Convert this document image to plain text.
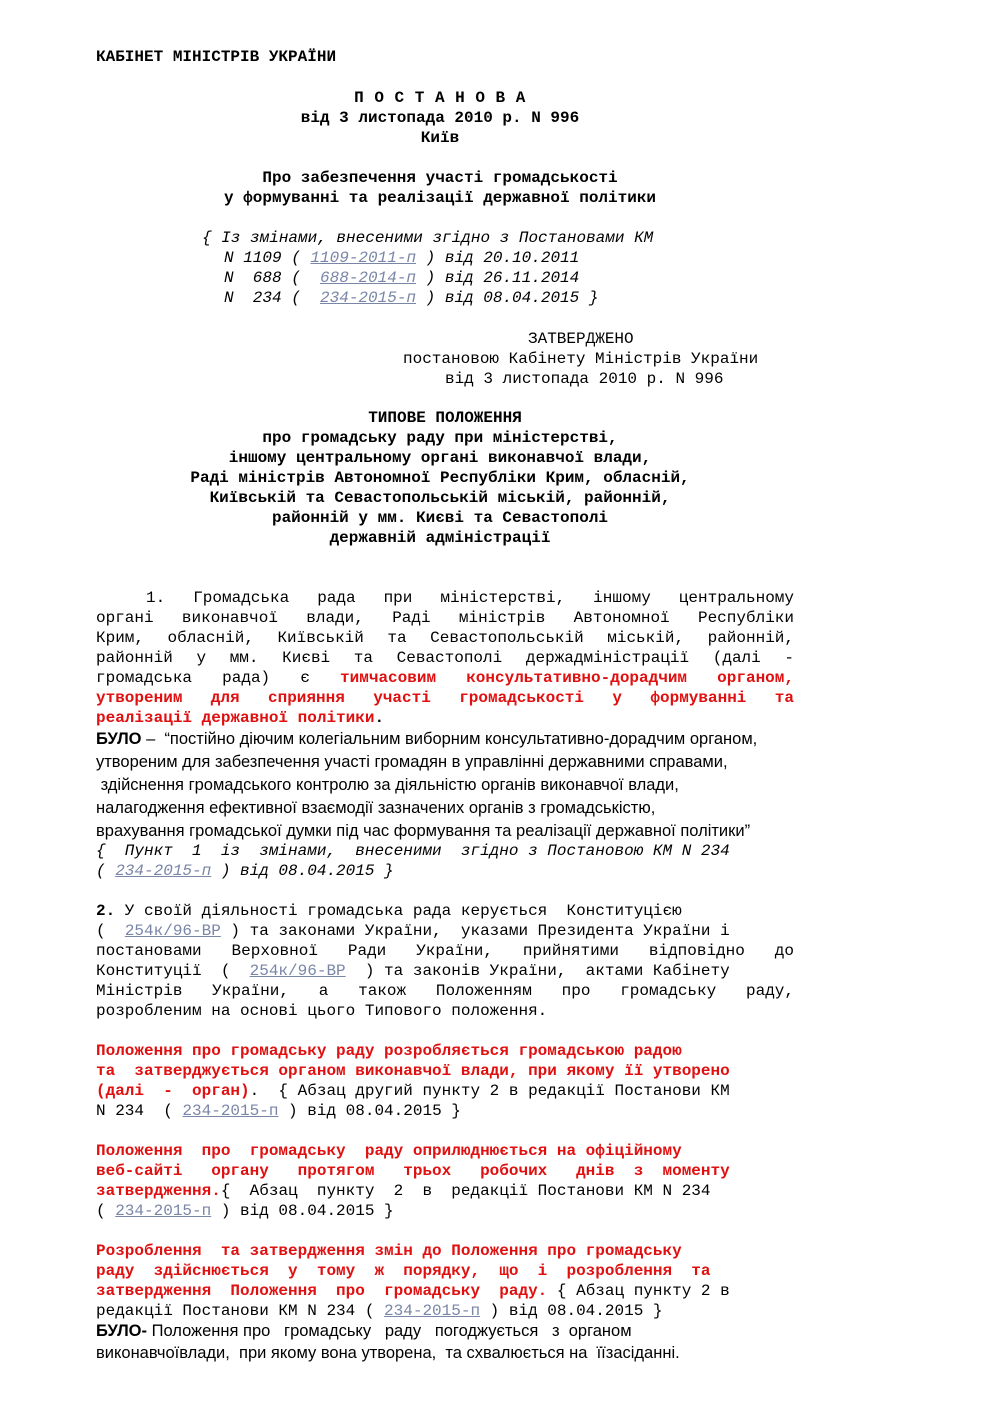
КАБІНЕТ МІНІСТРІВ УКРАЇНИ
П О С Т А Н О В А
від 3 листопада 2010 р. N 996
Київ
Про забезпечення участі громадськості
у формуванні та реалізації державної політики
{ Із змінами, внесеними згідно з Постановами КМ
N 1109 ( 1109-2011-п ) від 20.10.2011
N  688 (  688-2014-п ) від 26.11.2014
N  234 (  234-2015-п ) від 08.04.2015 }
ЗАТВЕРДЖЕНО
постановою Кабінету Міністрів України
від 3 листопада 2010 р. N 996
ТИПОВЕ ПОЛОЖЕННЯ
про громадську раду при міністерстві,
іншому центральному органі виконавчої влади,
Раді міністрів Автономної Республіки Крим, обласній,
Київській та Севастопольській міській, районній,
районній у мм. Києві та Севастополі
державній адміністрації
1. Громадська рада при міністерстві, іншому центральному
органі виконавчої влади, Раді міністрів Автономної Республіки
Крим, обласній, Київській та Севастопольській міській, районній,
районній у мм. Києві та Севастополі держадміністрації (далі -
громадська рада) є тимчасовим консультативно-дорадчим органом,
утвореним для сприяння участі громадськості у формуванні та
реалізації державної політики.
БУЛО –  “постійно діючим колегіальним виборним консультативно-дорадчим органом,
утвореним для забезпечення участі громадян в управлінні державними справами,
здійснення громадського контролю за діяльністю органів виконавчої влади,
налагодження ефективної взаємодії зазначених органів з громадськістю,
врахування громадської думки під час формування та реалізації державної політики”
{  Пункт  1  із  змінами,  внесеними  згідно з Постановою КМ N 234
( 234-2015-п ) від 08.04.2015 }
2. У своїй діяльності громадська рада керується  Конституцією
(  254к/96-ВР ) та законами України,  указами Президента України і
постановами  Верховної  Ради  України,  прийнятими  відповідно  до
Конституції  (  254к/96-ВР  ) та законів України,  актами Кабінету
Міністрів  України,  а  також  Положенням  про  громадську  раду,
розробленим на основі цього Типового положення.
Положення про громадську раду розробляється громадською радою
та  затверджується органом виконавчої влади, при якому її утворено
(далі  -  орган).  { Абзац другий пункту 2 в редакції Постанови КМ
N 234  ( 234-2015-п ) від 08.04.2015 }
Положення  про  громадську  раду оприлюднюється на офіційному
веб-сайті   органу   протягом   трьох   робочих   днів  з  моменту
затвердження.{  Абзац  пункту  2  в  редакції Постанови КМ N 234
( 234-2015-п ) від 08.04.2015 }
Розроблення  та затвердження змін до Положення про громадську
раду  здійснюється  у  тому  ж  порядку,  що  і  розроблення  та
затвердження  Положення  про  громадську  раду. { Абзац пункту 2 в
редакції Постанови КМ N 234 ( 234-2015-п ) від 08.04.2015 }
БУЛО- Положення про   громадську   раду   погоджується   з  органом
виконавчоївлади,  при якому вона утворена,  та схвалюється на  їїзасіданні.
